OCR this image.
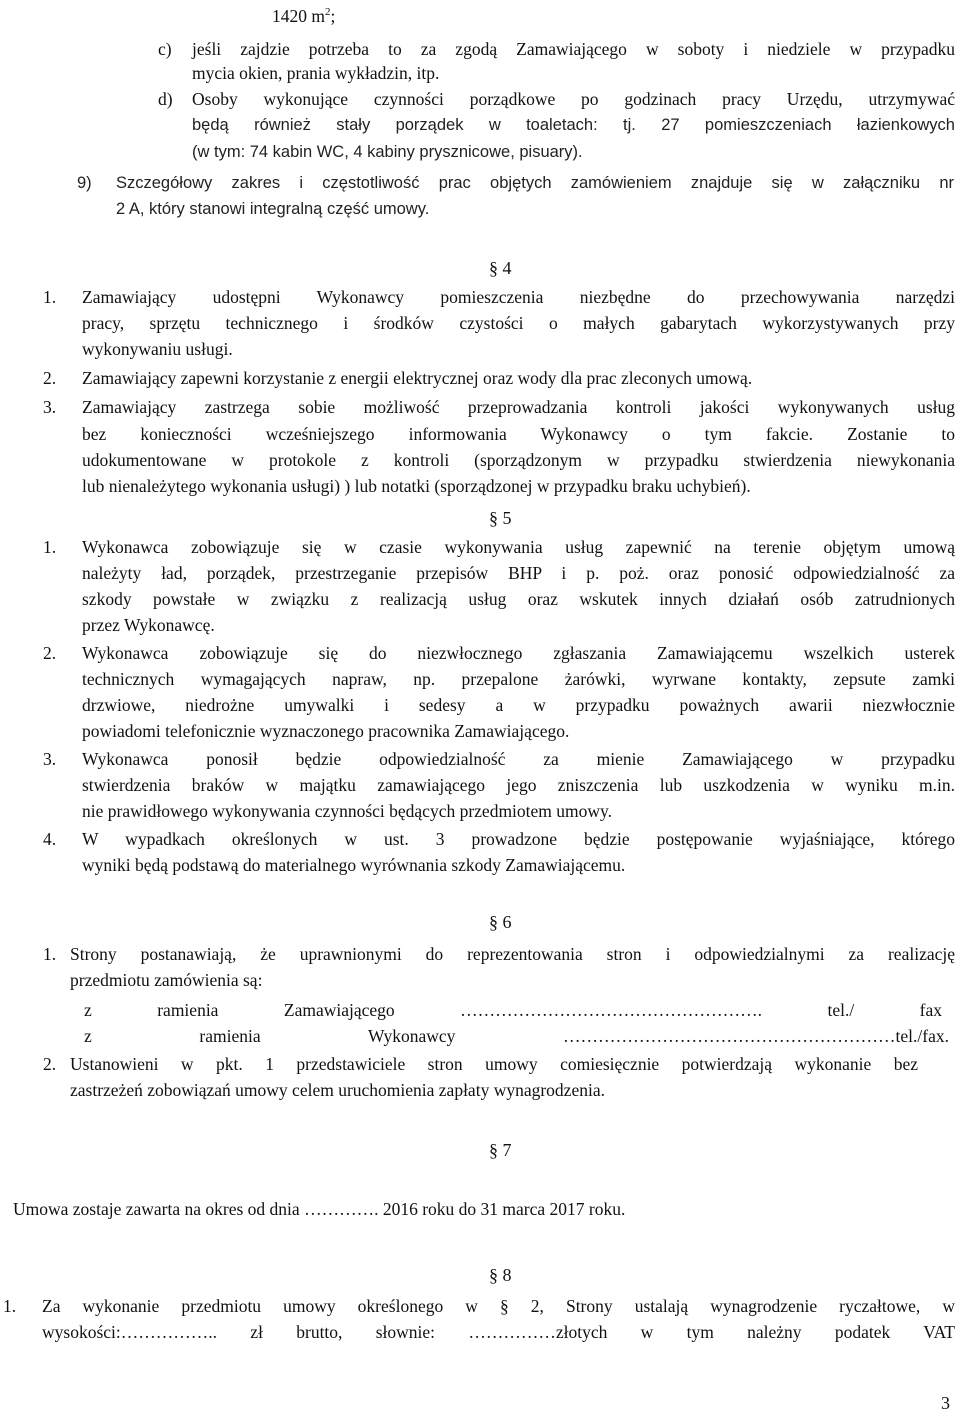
1420 $m^2$;
c) jeśli zajdzie potrzeba to za zgodą Zamawiającego w soboty i niedziele w przypadku
mycia okien, prania wykładzin, itp.
d) Osoby wykonujące czynności porządkowe po godzinach pracy Urzędu, utrzymywać
będą również stały porządek w toaletach: tj. 27 pomieszczeniach łazienkowych
(w tym: 74 kabin WC, 4 kabiny prysznicowe, pisuary).
9) Szczegółowy zakres i częstotliwość prac objętych zamówieniem znajduje się w załączniku nr
2 A, który stanowi integralną część umowy.
§ 4
1. Zamawiający udostępni Wykonawcy pomieszczenia niezbędne do przechowywania narzędzi
pracy, sprzętu technicznego i środków czystości o małych gabarytach wykorzystywanych przy
wykonywaniu usługi.
2. Zamawiający zapewni korzystanie z energii elektrycznej oraz wody dla prac zleconych umową.
3. Zamawiający zastrzega sobie możliwość przeprowadzania kontroli jakości wykonywanych usług
bez konieczności wcześniejszego informowania Wykonawcy o tym fakcie. Zostanie to
udokumentowane w protokole z kontroli (sporządzonym w przypadku stwierdzenia niewykonania
lub nienależytego wykonania usługi) ) lub notatki (sporządzonej w przypadku braku uchybień).
§ 5
1. Wykonawca zobowiązuje się w czasie wykonywania usług zapewnić na terenie objętym umową
należyty ład, porządek, przestrzeganie przepisów BHP i p. poż. oraz ponosić odpowiedzialność za
szkody powstałe w związku z realizacją usług oraz wskutek innych działań osób zatrudnionych
przez Wykonawcę.
2. Wykonawca zobowiązuje się do niezwłocznego zgłaszania Zamawiającemu wszelkich usterek
technicznych wymagających napraw, np. przepalone żarówki, wyrwane kontakty, zepsute zamki
drzwiowe, niedrożne umywalki i sedesy a w przypadku poważnych awarii niezwłocznie
powiadomi telefonicznie wyznaczonego pracownika Zamawiającego.
3. Wykonawca ponosił będzie odpowiedzialność za mienie Zamawiającego w przypadku
stwierdzenia braków w majątku zamawiającego jego zniszczenia lub uszkodzenia w wyniku m.in.
nie prawidłowego wykonywania czynności będących przedmiotem umowy.
4. W wypadkach określonych w ust. 3 prowadzone będzie postępowanie wyjaśniające, którego
wyniki będą podstawą do materialnego wyrównania szkody Zamawiającemu.
§ 6
1. Strony postanawiają, że uprawnionymi do reprezentowania stron i odpowiedzialnymi za realizację
przedmiotu zamówienia są:
z ramienia Zamawiającego ……………………………………………. tel./ fax
z ramienia Wykonawcy …………………………………………………tel./fax.
2. Ustanowieni w pkt. 1 przedstawiciele stron umowy comiesięcznie potwierdzają wykonanie bez
zastrzeżeń zobowiązań umowy celem uruchomienia zapłaty wynagrodzenia.
§ 7
Umowa zostaje zawarta na okres od dnia …………. 2016 roku do 31 marca 2017 roku.
§ 8
1. Za wykonanie przedmiotu umowy określonego w § 2, Strony ustalają wynagrodzenie ryczałtowe, w
wysokości:…………….. zł brutto, słownie: ……………złotych w tym należny podatek VAT
3
